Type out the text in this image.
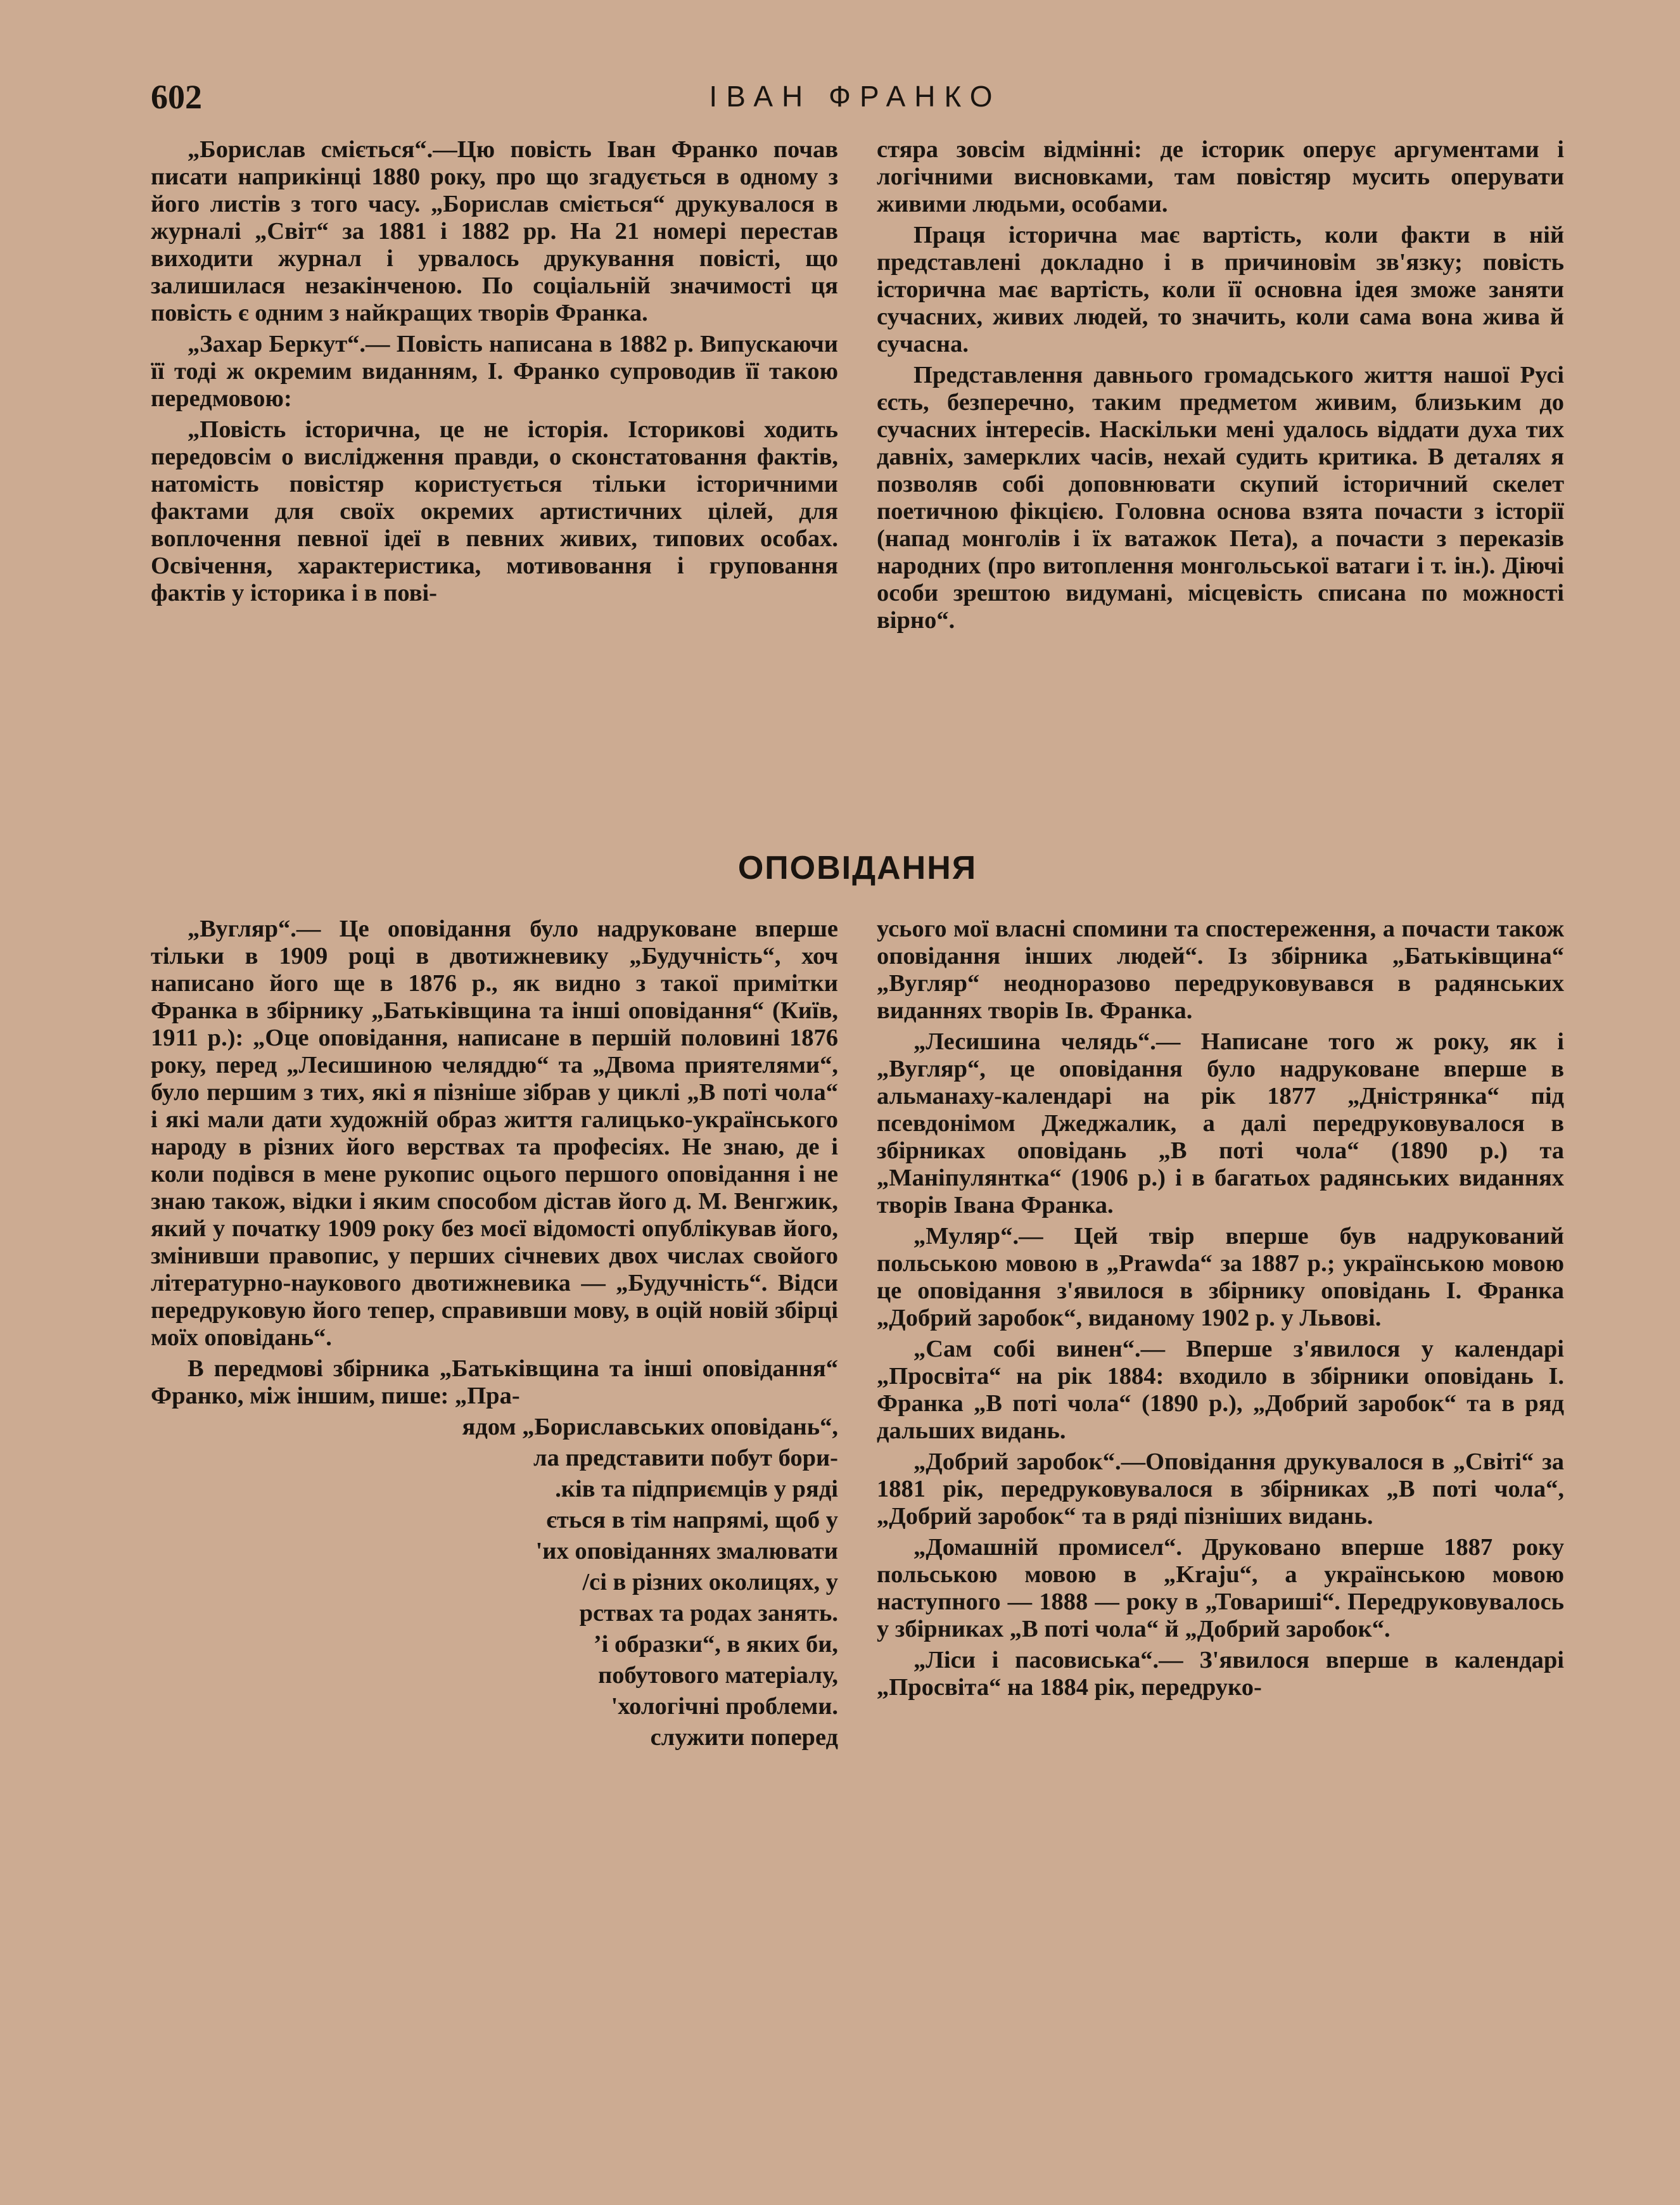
602	ІВАН ФРАНКО

„Борислав сміється“.—Цю повість Іван Франко почав писати наприкінці 1880 року, про що згадується в одному з його листів з того часу. „Борислав сміється“ друкувалося в журналі „Світ“ за 1881 і 1882 рр. На 21 номері перестав виходити журнал і урвалось друкування повісті, що залишилася незакінченою. По соціальній значимості ця повість є одним з найкращих творів Франка.

„Захар Беркут“.— Повість написана в 1882 р. Випускаючи її тоді ж окремим виданням, І. Франко супроводив її такою передмовою:

„Повість історична, це не історія. Історикові ходить передовсім о вислідження правди, о сконстатовання фактів, натомість повістяр користується тільки історичними фактами для своїх окремих артистичних цілей, для воплочення певної ідеї в певних живих, типових особах. Освічення, характеристика, мотивовання і груповання фактів у історика і в пові-

стяра зовсім відмінні: де історик оперує аргументами і логічними висновками, там повістяр мусить оперувати живими людьми, особами.

Праця історична має вартість, коли факти в ній представлені докладно і в причиновім зв'язку; повість історична має вартість, коли її основна ідея зможе заняти сучасних, живих людей, то значить, коли сама вона жива й сучасна.

Представлення давнього громадського життя нашої Русі єсть, безперечно, таким предметом живим, близьким до сучасних інтересів. Наскільки мені удалось віддати духа тих давніх, замерклих часів, нехай судить критика. В деталях я позволяв собі доповнювати скупий історичний скелет поетичною фікцією. Головна основа взята почасти з історії (напад монголів і їх ватажок Пета), а почасти з переказів народних (про витоплення монгольської ватаги і т. ін.). Діючі особи зрештою видумані, місцевість списана по можності вірно“.

ОПОВІДАННЯ

„Вугляр“.— Це оповідання було надруковане вперше тільки в 1909 році в двотижневику „Будучність“, хоч написано його ще в 1876 р., як видно з такої примітки Франка в збірнику „Батьківщина та інші оповідання“ (Київ, 1911 р.): „Оце оповідання, написане в першій половині 1876 року, перед „Лесишиною челяддю“ та „Двома приятелями“, було першим з тих, які я пізніше зібрав у циклі „В поті чола“ і які мали дати художній образ життя галицько-українського народу в різних його верствах та професіях. Не знаю, де і коли подівся в мене рукопис оцього першого оповідання і не знаю також, відки і яким способом дістав його д. М. Венгжик, який у початку 1909 року без моєї відомості опублікував його, змінивши правопис, у перших січневих двох числах свойого літературно-наукового двотижневика — „Будучність“. Відси передруковую його тепер, справивши мову, в оцій новій збірці моїх оповідань“.

В передмові збірника „Батьківщина та інші оповідання“ Франко, між іншим, пише: „Пра-

ядом „Бориславських оповідань“,

ла представити побут бори-

.кiв та підприємців у ряді

ється в тім напрямі, щоб у

'их оповіданнях змалювати

/сі в різних околицях, у

рствах та родах занять.

ʼі образки“, в яких би,

побутового матеріалу,

'хологічні проблеми.

служити поперед

усього мої власні спомини та спостереження, а почасти також оповідання інших людей“. Із збірника „Батьківщина“ „Вугляр“ неодноразово передруковувався в радянських виданнях творів Ів. Франка.

„Лесишина челядь“.— Написане того ж року, як і „Вугляр“, це оповідання було надруковане вперше в альманаху-календарі на рік 1877 „Дністрянка“ під псевдонімом Джеджалик, а далі передруковувалося в збірниках оповідань „В поті чола“ (1890 р.) та „Маніпулянтка“ (1906 р.) і в багатьох радянських виданнях творів Івана Франка.

„Муляр“.— Цей твір вперше був надрукований польською мовою в „Prawda“ за 1887 р.; українською мовою це оповідання з'явилося в збірнику оповідань І. Франка „Добрий заробок“, виданому 1902 р. у Львові.

„Сам собі винен“.— Вперше з'явилося у календарі „Просвіта“ на рік 1884: входило в збірники оповідань І. Франка „В поті чола“ (1890 р.), „Добрий заробок“ та в ряд дальших видань.

„Добрий заробок“.—Оповідання друкувалося в „Світі“ за 1881 рік, передруковувалося в збірниках „В поті чола“, „Добрий заробок“ та в ряді пізніших видань.

„Домашній промисел“. Друковано вперше 1887 року польською мовою в „Kraju“, а українською мовою наступного — 1888 — року в „Товариші“. Передруковувалось у збірниках „В поті чола“ й „Добрий заробок“.

„Ліси і пасовиська“.— З'явилося вперше в календарі „Просвіта“ на 1884 рік, передруко-
